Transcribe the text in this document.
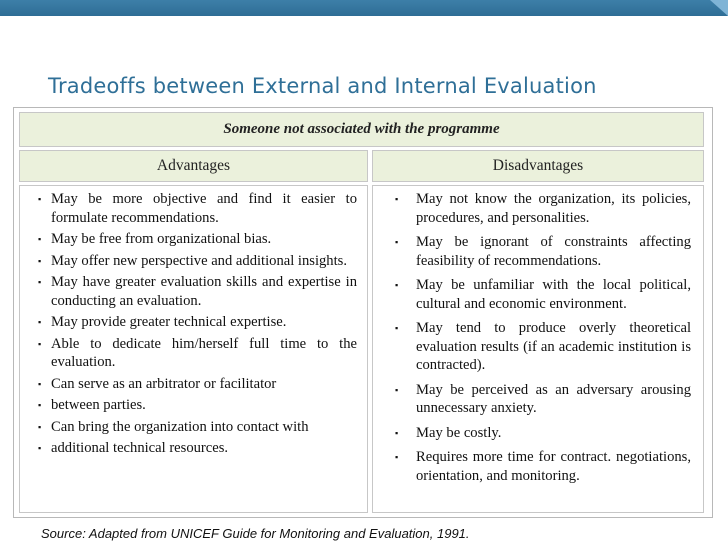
Tradeoffs between External and Internal Evaluation
Someone not associated with the programme
Advantages	Disadvantages
▪ May be more objective and find it easier to formulate recommendations.
▪ May be free from organizational bias.
▪ May offer new perspective and additional insights.
▪ May have greater evaluation skills and expertise in conducting an evaluation.
▪ May provide greater technical expertise.
▪ Able to dedicate him/herself full time to the evaluation.
▪ Can serve as an arbitrator or facilitator
▪ between parties.
▪ Can bring the organization into contact with
▪ additional technical resources.
▪ May not know the organization, its policies, procedures, and personalities.
▪ May be ignorant of constraints affecting feasibility of recommendations.
▪ May be unfamiliar with the local political, cultural and economic environment.
▪ May tend to produce overly theoretical evaluation results (if an academic institution is contracted).
▪ May be perceived as an adversary arousing unnecessary anxiety.
▪ May be costly.
▪ Requires more time for contract. negotiations, orientation, and monitoring.
Source: Adapted from UNICEF Guide for Monitoring and Evaluation, 1991.
